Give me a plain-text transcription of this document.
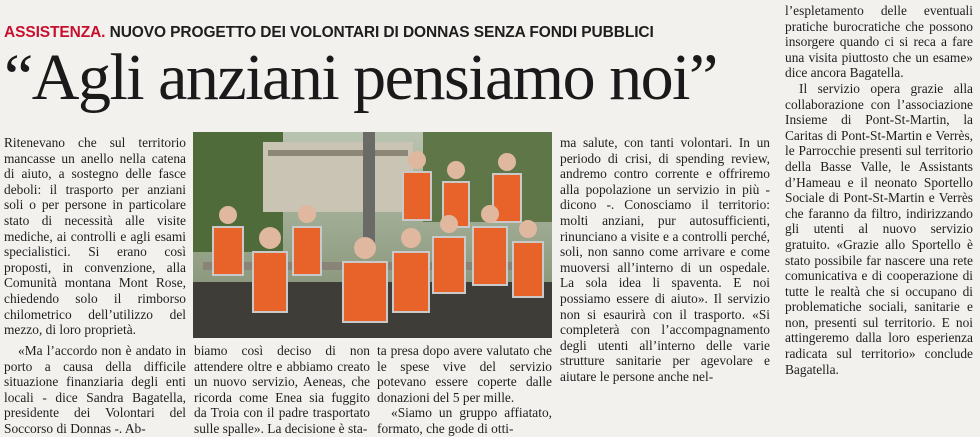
ASSISTENZA. NUOVO PROGETTO DEI VOLONTARI DI DONNAS SENZA FONDI PUBBLICI
“Agli anziani pensiamo noi”

Ritenevano che sul territorio mancasse un anello nella catena di aiuto, a sostegno delle fasce deboli: il trasporto per anziani soli o per persone in particolare stato di necessità alle visite mediche, ai controlli e agli esami specialistici. Si erano così proposti, in convenzione, alla Comunità montana Mont Rose, chiedendo solo il rimborso chilometrico dell’utilizzo del mezzo, di loro proprietà.

«Ma l’accordo non è andato in porto a causa della difficile situazione finanziaria degli enti locali - dice Sandra Bagatella, presidente dei Volontari del Soccorso di Donnas -. Ab-

biamo così deciso di non attendere oltre e abbiamo creato un nuovo servizio, Aeneas, che ricorda come Enea sia fuggito da Troia con il padre trasportato sulle spalle». La decisione è sta-

ta presa dopo avere valutato che le spese vive del servizio potevano essere coperte dalle donazioni del 5 per mille.

«Siamo un gruppo affiatato, formato, che gode di otti-

ma salute, con tanti volontari. In un periodo di crisi, di spending review, andremo contro corrente e offriremo alla popolazione un servizio in più - dicono -. Conosciamo il territorio: molti anziani, pur autosufficienti, rinunciano a visite e a controlli perché, soli, non sanno come arrivare e come muoversi all’interno di un ospedale. La sola idea li spaventa. E noi possiamo essere di aiuto». Il servizio non si esaurirà con il trasporto. «Si completerà con l’accompagnamento degli utenti all’interno delle varie strutture sanitarie per agevolare e aiutare le persone anche nel-

l’espletamento delle eventuali pratiche burocratiche che possono insorgere quando ci si reca a fare una visita piuttosto che un esame» dice ancora Bagatella.

Il servizio opera grazie alla collaborazione con l’associazione Insieme di Pont-St-Martin, la Caritas di Pont-St-Martin e Verrès, le Parrocchie presenti sul territorio della Basse Valle, le Assistants d’Hameau e il neonato Sportello Sociale di Pont-St-Martin e Verrès che faranno da filtro, indirizzando gli utenti al nuovo servizio gratuito. «Grazie allo Sportello è stato possibile far nascere una rete comunicativa e di cooperazione di tutte le realtà che si occupano di problematiche sociali, sanitarie e non, presenti sul territorio. E noi attingeremo dalla loro esperienza radicata sul territorio» conclude Bagatella.
